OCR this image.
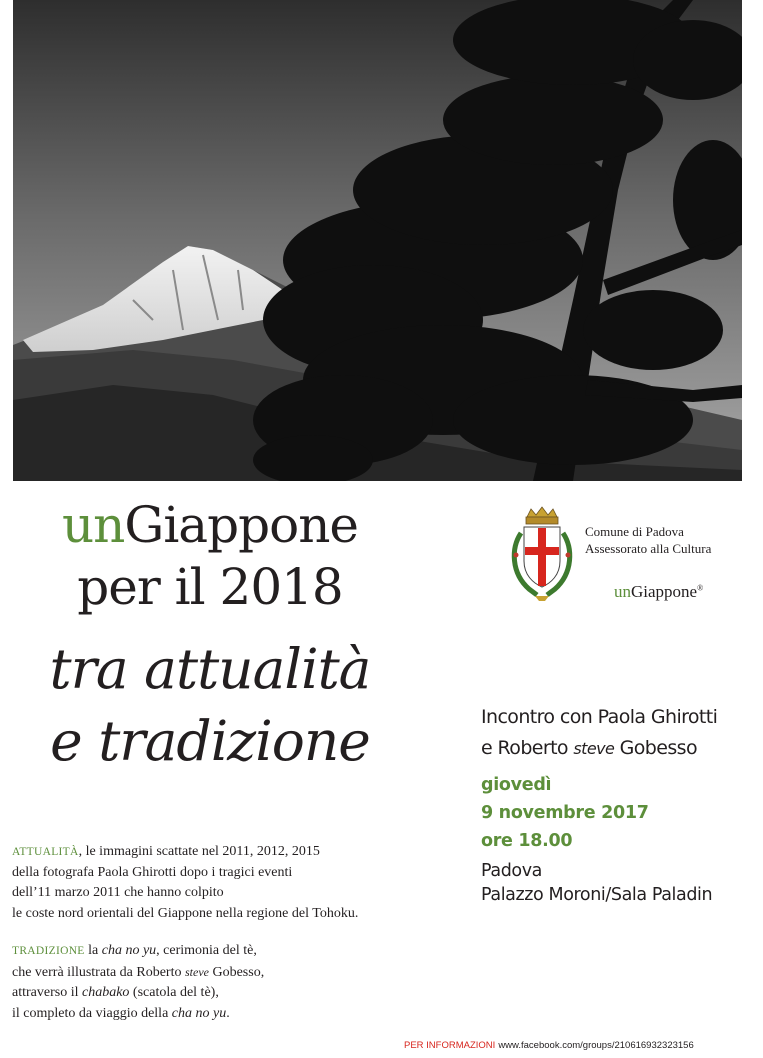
unGiappone
per il 2018
tra attualità
e tradizione
Comune di Padova
Assessorato alla Cultura
unGiappone®
Incontro con Paola Ghirotti
e Roberto steve Gobesso
giovedì
9 novembre 2017
ore 18.00
Padova
Palazzo Moroni/Sala Paladin
ATTUALITÀ, le immagini scattate nel 2011, 2012, 2015
della fotografa Paola Ghirotti dopo i tragici eventi
dell’11 marzo 2011 che hanno colpito
le coste nord orientali del Giappone nella regione del Tohoku.
TRADIZIONE la cha no yu, cerimonia del tè,
che verrà illustrata da Roberto steve Gobesso,
attraverso il chabako (scatola del tè),
il completo da viaggio della cha no yu.
PER INFORMAZIONI www.facebook.com/groups/210616932323156
